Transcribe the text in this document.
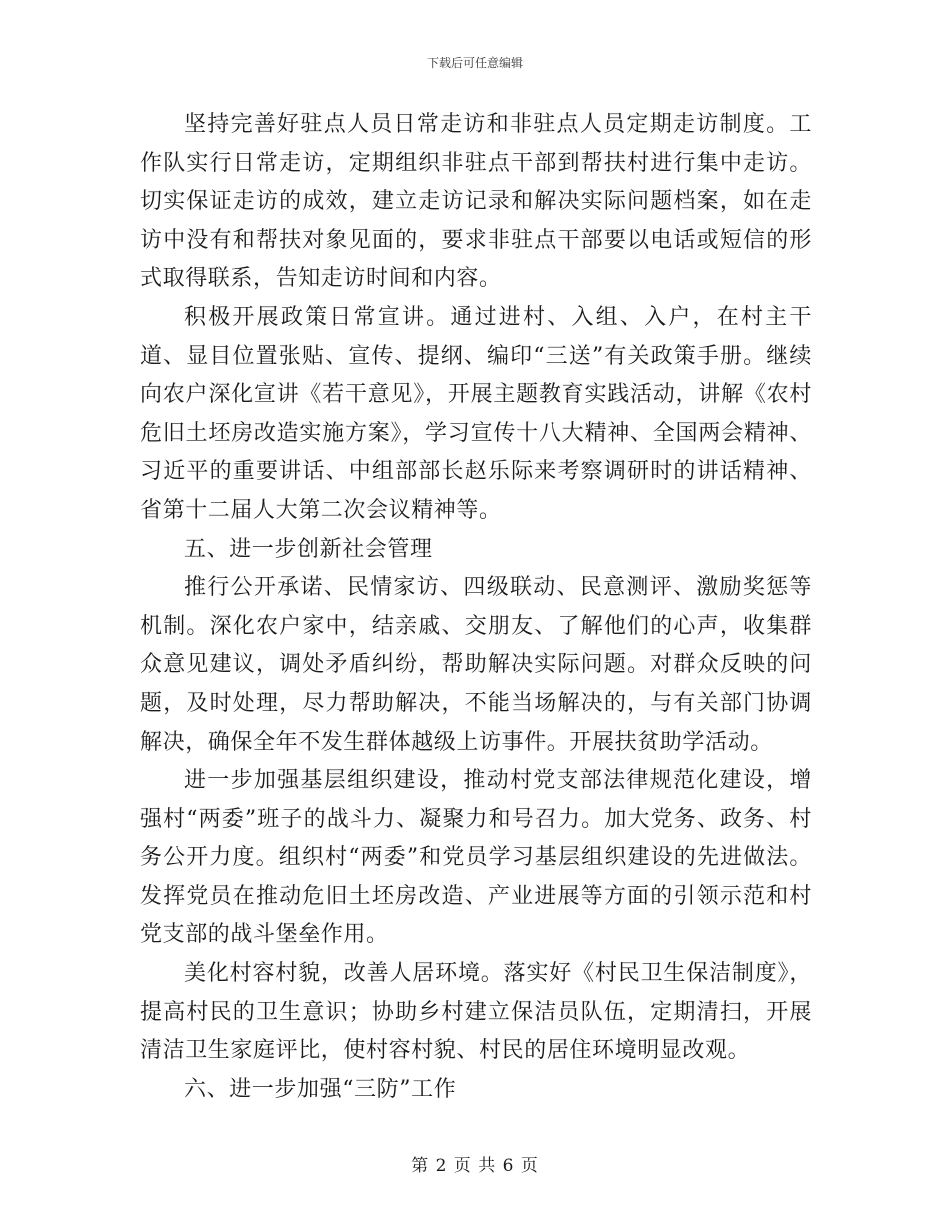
下载后可任意编辑

坚持完善好驻点人员日常走访和非驻点人员定期走访制度。工作队实行日常走访，定期组织非驻点干部到帮扶村进行集中走访。切实保证走访的成效，建立走访记录和解决实际问题档案，如在走访中没有和帮扶对象见面的，要求非驻点干部要以电话或短信的形式取得联系，告知走访时间和内容。

积极开展政策日常宣讲。通过进村、入组、入户，在村主干道、显目位置张贴、宣传、提纲、编印“三送”有关政策手册。继续向农户深化宣讲《若干意见》，开展主题教育实践活动，讲解《农村危旧土坯房改造实施方案》，学习宣传十八大精神、全国两会精神、习近平的重要讲话、中组部部长赵乐际来考察调研时的讲话精神、省第十二届人大第二次会议精神等。

五、进一步创新社会管理

推行公开承诺、民情家访、四级联动、民意测评、激励奖惩等机制。深化农户家中，结亲戚、交朋友、了解他们的心声，收集群众意见建议，调处矛盾纠纷，帮助解决实际问题。对群众反映的问题，及时处理，尽力帮助解决，不能当场解决的，与有关部门协调解决，确保全年不发生群体越级上访事件。开展扶贫助学活动。

进一步加强基层组织建设，推动村党支部法律规范化建设，增强村“两委”班子的战斗力、凝聚力和号召力。加大党务、政务、村务公开力度。组织村“两委”和党员学习基层组织建设的先进做法。发挥党员在推动危旧土坯房改造、产业进展等方面的引领示范和村党支部的战斗堡垒作用。

美化村容村貌，改善人居环境。落实好《村民卫生保洁制度》，提高村民的卫生意识；协助乡村建立保洁员队伍，定期清扫，开展清洁卫生家庭评比，使村容村貌、村民的居住环境明显改观。

六、进一步加强“三防”工作

第 2 页 共 6 页
